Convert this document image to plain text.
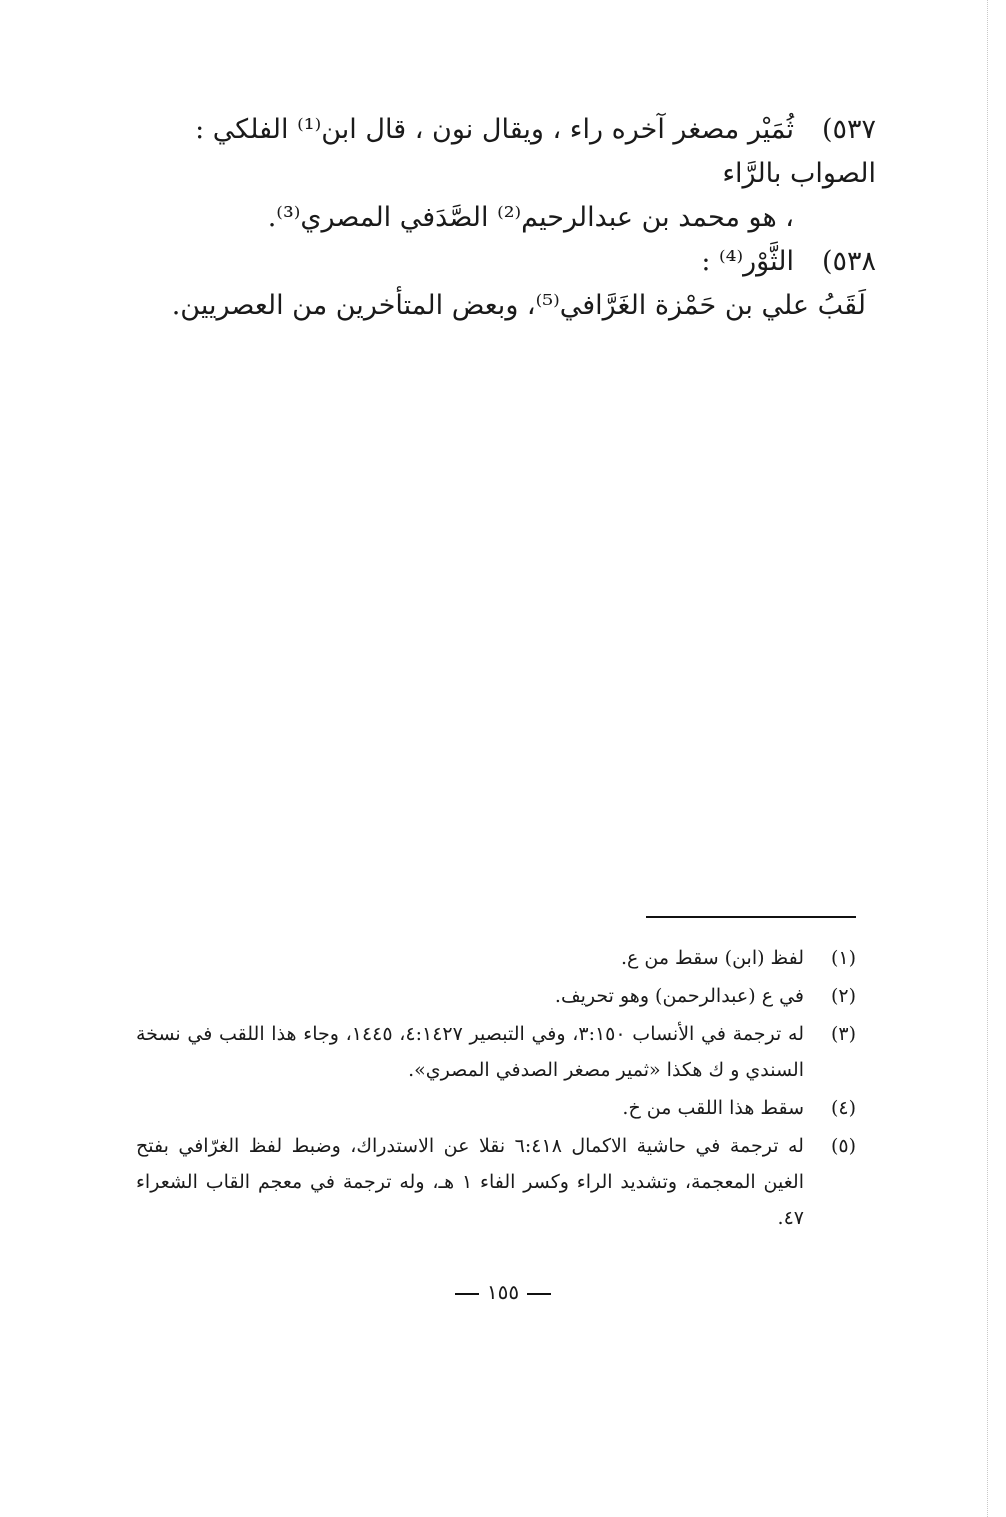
٥٣٧)ثُمَيْر مصغر آخره راء ، ويقال نون ، قال ابن⁽¹⁾ الفلكي : الصواب بالرَّاء
، هو محمد بن عبدالرحيم⁽²⁾ الصَّدَفي المصري⁽³⁾.

٥٣٨)الثَّوْر⁽⁴⁾ :
لَقَبُ علي بن حَمْزة الغَرَّافي⁽⁵⁾، وبعض المتأخرين من العصريين.

(١)
لفظ (ابن) سقط من ع.

(٢)
في ع (عبدالرحمن) وهو تحريف.

(٣)
له ترجمة في الأنساب ٣:١٥٠، وفي التبصير ٤:١٤٢٧، ١٤٤٥، وجاء هذا اللقب في نسخة السندي و ك هكذا «ثمير مصغر الصدفي المصري».

(٤)
سقط هذا اللقب من خ.

(٥)
له ترجمة في حاشية الاكمال ٦:٤١٨ نقلا عن الاستدراك، وضبط لفظ الغرّافي بفتح الغين المعجمة، وتشديد الراء وكسر الفاء ١ هـ، وله ترجمة في معجم القاب الشعراء ٤٧.

١٥٥
